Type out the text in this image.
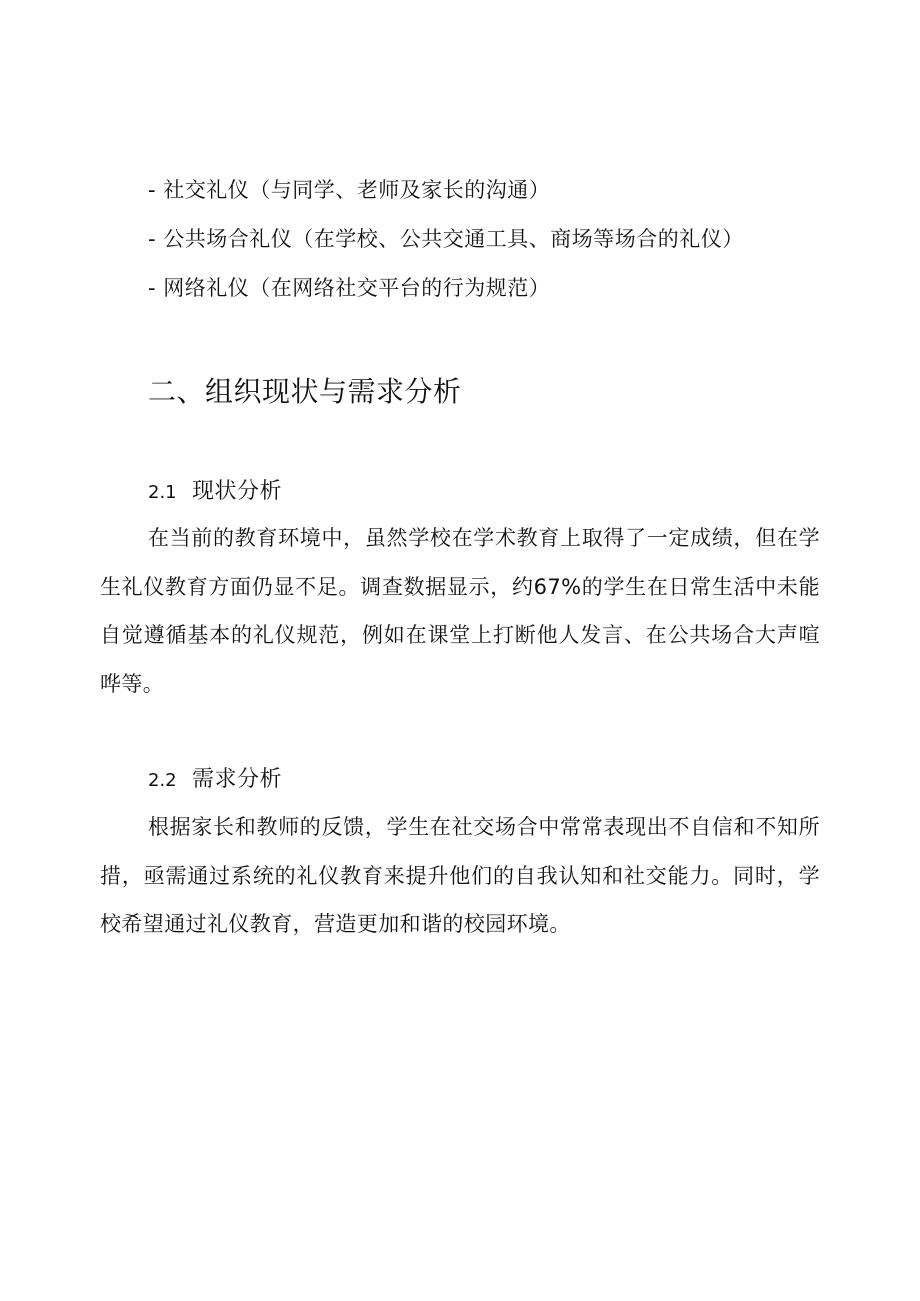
- 社交礼仪（与同学、老师及家长的沟通）
- 公共场合礼仪（在学校、公共交通工具、商场等场合的礼仪）
- 网络礼仪（在网络社交平台的行为规范）
二、组织现状与需求分析
2.1 现状分析

在当前的教育环境中，虽然学校在学术教育上取得了一定成绩，但在学生礼仪教育方面仍显不足。调查数据显示，约67%的学生在日常生活中未能自觉遵循基本的礼仪规范，例如在课堂上打断他人发言、在公共场合大声喧哗等。

2.2 需求分析

根据家长和教师的反馈，学生在社交场合中常常表现出不自信和不知所措，亟需通过系统的礼仪教育来提升他们的自我认知和社交能力。同时，学校希望通过礼仪教育，营造更加和谐的校园环境。
